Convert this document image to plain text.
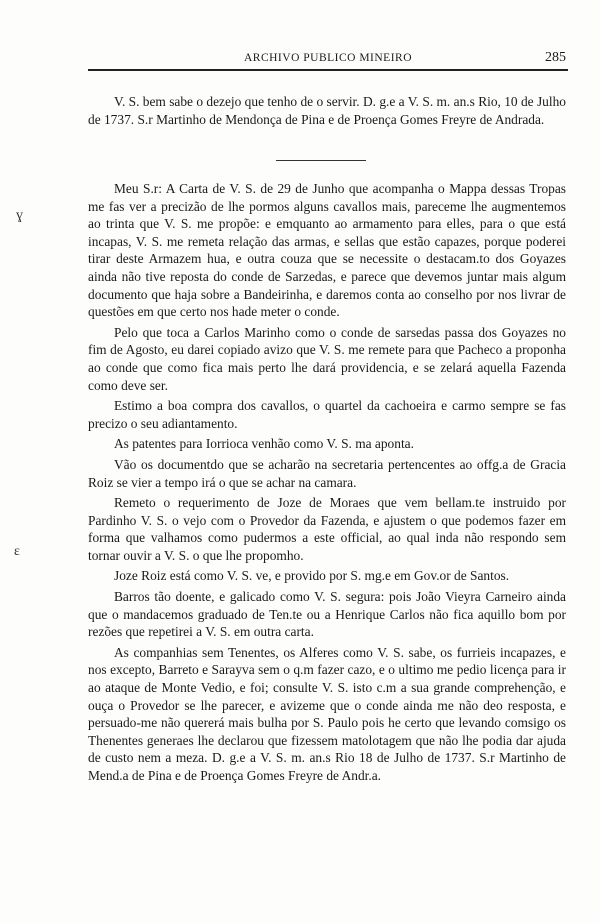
ARCHIVO PUBLICO MINEIRO	285

V. S. bem sabe o dezejo que tenho de o servir. D. g.e a V. S. m. an.s Rio, 10 de Julho de 1737. S.r Martinho de Mendonça de Pina e de Proença Gomes Freyre de Andrada.

ɣ
ɛ

Meu S.r: A Carta de V. S. de 29 de Junho que acompanha o Mappa dessas Tropas me fas ver a precizão de lhe pormos alguns cavallos mais, pareceme lhe augmentemos ao trinta que V. S. me propõe: e emquanto ao armamento para elles, para o que está incapas, V. S. me remeta relação das armas, e sellas que estão capazes, porque poderei tirar deste Armazem hua, e outra couza que se necessite o destacam.to dos Goyazes ainda não tive reposta do conde de Sarzedas, e parece que devemos juntar mais algum documento que haja sobre a Bandeirinha, e daremos conta ao conselho por nos livrar de questões em que certo nos hade meter o conde.

Pelo que toca a Carlos Marinho como o conde de sarsedas passa dos Goyazes no fim de Agosto, eu darei copiado avizo que V. S. me remete para que Pacheco a proponha ao conde que como fica mais perto lhe dará providencia, e se zelará aquella Fazenda como deve ser.

Estimo a boa compra dos cavallos, o quartel da cachoeira e carmo sempre se fas precizo o seu adiantamento.

As patentes para Iorrioca venhão como V. S. ma aponta.

Vão os documentdo que se acharão na secretaria pertencentes ao offg.a de Gracia Roiz se vier a tempo irá o que se achar na camara.

Remeto o requerimento de Joze de Moraes que vem bellam.te instruido por Pardinho V. S. o vejo com o Provedor da Fazenda, e ajustem o que podemos fazer em forma que valhamos como pudermos a este official, ao qual inda não respondo sem tornar ouvir a V. S. o que lhe propomho.

Joze Roiz está como V. S. ve, e provido por S. mg.e em Gov.or de Santos.

Barros tão doente, e galicado como V. S. segura: pois João Vieyra Carneiro ainda que o mandacemos graduado de Ten.te ou a Henrique Carlos não fica aquillo bom por rezões que repetirei a V. S. em outra carta.

As companhias sem Tenentes, os Alferes como V. S. sabe, os furrieis incapazes, e nos excepto, Barreto e Sarayva sem o q.m fazer cazo, e o ultimo me pedio licença para ir ao ataque de Monte Vedio, e foi; consulte V. S. isto c.m a sua grande comprehenção, e ouça o Provedor se lhe parecer, e avizeme que o conde ainda me não deo resposta, e persuado-me não quererá mais bulha por S. Paulo pois he certo que levando comsigo os Thenentes generaes lhe declarou que fizessem matolotagem que não lhe podia dar ajuda de custo nem a meza. D. g.e a V. S. m. an.s Rio 18 de Julho de 1737. S.r Martinho de Mend.a de Pina e de Proença Gomes Freyre de Andr.a.
